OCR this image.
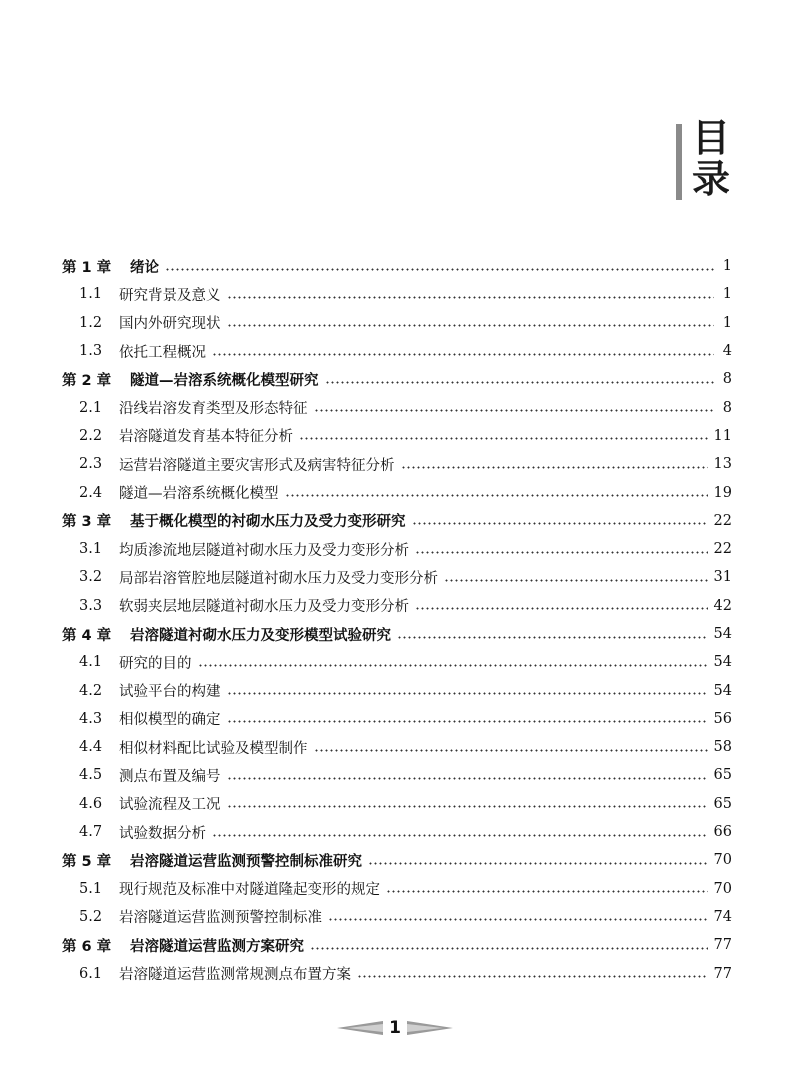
目录
第 1 章	绪论	1
1.1	研究背景及意义	1
1.2	国内外研究现状	1
1.3	依托工程概况	4
第 2 章	隧道—岩溶系统概化模型研究	8
2.1	沿线岩溶发育类型及形态特征	8
2.2	岩溶隧道发育基本特征分析	11
2.3	运营岩溶隧道主要灾害形式及病害特征分析	13
2.4	隧道—岩溶系统概化模型	19
第 3 章	基于概化模型的衬砌水压力及受力变形研究	22
3.1	均质渗流地层隧道衬砌水压力及受力变形分析	22
3.2	局部岩溶管腔地层隧道衬砌水压力及受力变形分析	31
3.3	软弱夹层地层隧道衬砌水压力及受力变形分析	42
第 4 章	岩溶隧道衬砌水压力及变形模型试验研究	54
4.1	研究的目的	54
4.2	试验平台的构建	54
4.3	相似模型的确定	56
4.4	相似材料配比试验及模型制作	58
4.5	测点布置及编号	65
4.6	试验流程及工况	65
4.7	试验数据分析	66
第 5 章	岩溶隧道运营监测预警控制标准研究	70
5.1	现行规范及标准中对隧道隆起变形的规定	70
5.2	岩溶隧道运营监测预警控制标准	74
第 6 章	岩溶隧道运营监测方案研究	77
6.1	岩溶隧道运营监测常规测点布置方案	77
1
